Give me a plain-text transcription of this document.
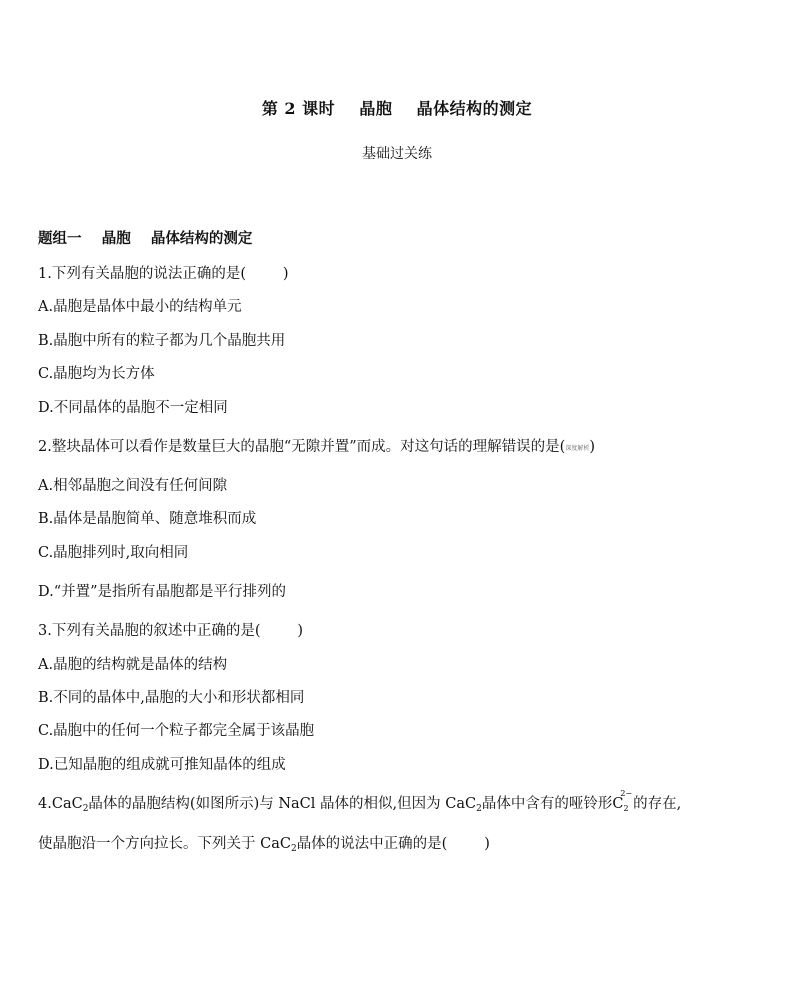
第 2 课时    晶胞    晶体结构的测定
基础过关练
题组一    晶胞    晶体结构的测定
1.下列有关晶胞的说法正确的是(        )
A.晶胞是晶体中最小的结构单元
B.晶胞中所有的粒子都为几个晶胞共用
C.晶胞均为长方体
D.不同晶体的晶胞不一定相同
2.整块晶体可以看作是数量巨大的晶胞“无隙并置”而成。对这句话的理解错误的是(深度解析)
A.相邻晶胞之间没有任何间隙
B.晶体是晶胞简单、随意堆积而成
C.晶胞排列时,取向相同
D.“并置”是指所有晶胞都是平行排列的
3.下列有关晶胞的叙述中正确的是(        )
A.晶胞的结构就是晶体的结构
B.不同的晶体中,晶胞的大小和形状都相同
C.晶胞中的任何一个粒子都完全属于该晶胞
D.已知晶胞的组成就可推知晶体的组成
4.CaC$_2$晶体的晶胞结构(如图所示)与 NaCl 晶体的相似,但因为 CaC$_2$晶体中含有的哑铃形$C_2$
2−
的存在,
使晶胞沿一个方向拉长。下列关于 CaC$_2$晶体的说法中正确的是(        )
